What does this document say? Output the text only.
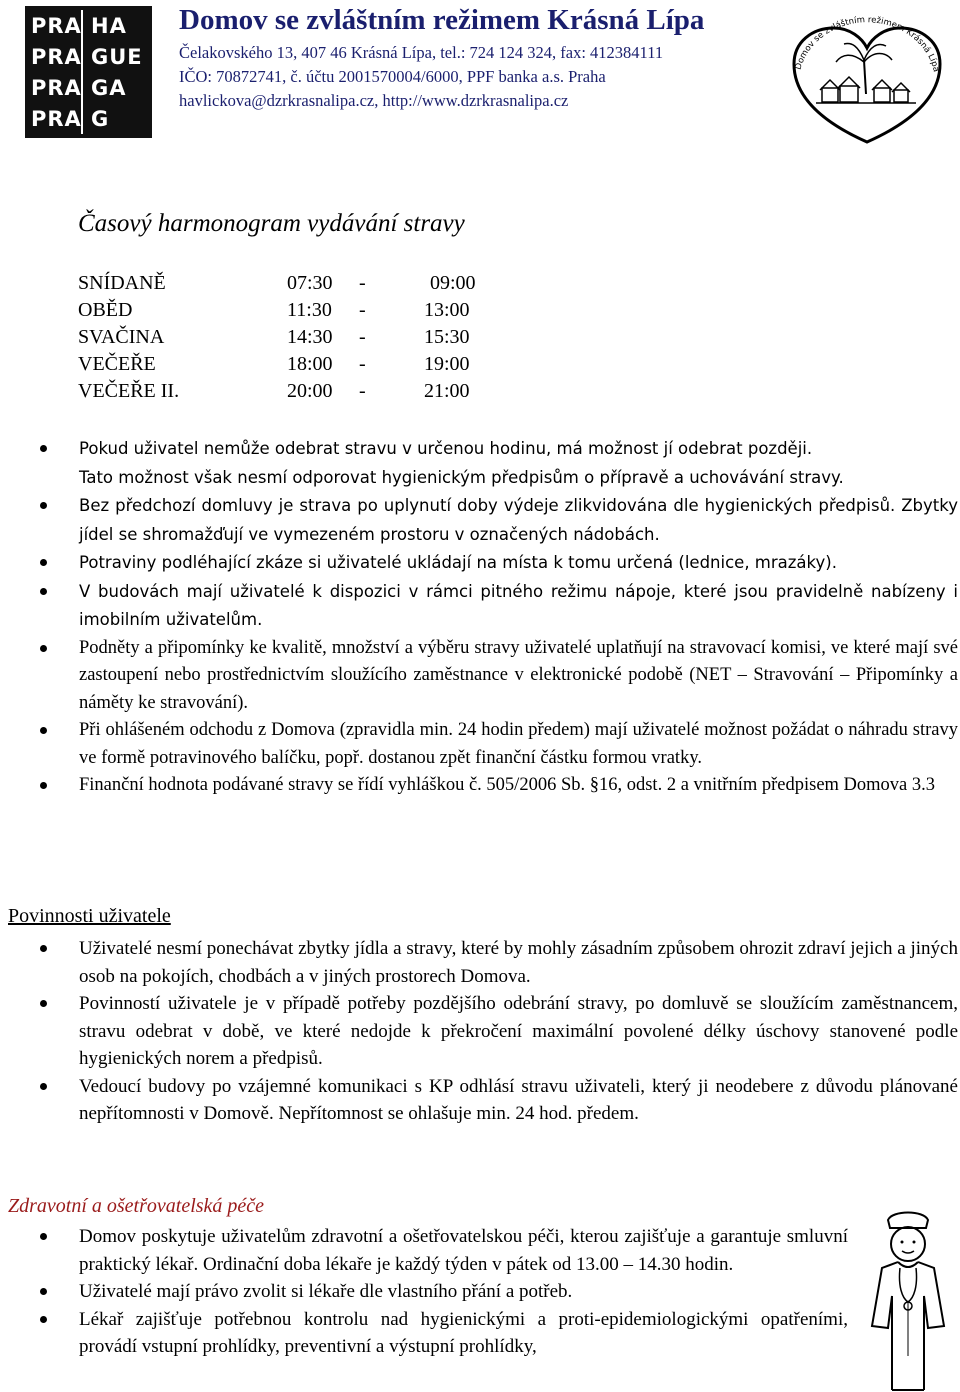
PRA HA
PRA GUE
PRA GA
PRA G
Domov se zvláštním režimem Krásná Lípa
Čelakovského 13, 407 46 Krásná Lípa, tel.: 724 124 324, fax: 412384111
IČO: 70872741, č. účtu 2001570004/6000, PPF banka a.s. Praha
havlickova@dzrkrasnalipa.cz, http://www.dzrkrasnalipa.cz
Domov se zvláštním režimem Krásná Lípa
Časový harmonogram vydávání stravy
SNÍDANĚ	07:30 -	09:00
OBĚD	11:30 -	13:00
SVAČINA	14:30 -	15:30
VEČEŘE	18:00 -	19:00
VEČEŘE II.	20:00 -	21:00
Pokud uživatel nemůže odebrat stravu v určenou hodinu, má možnost jí odebrat později.
Tato možnost však nesmí odporovat hygienickým předpisům o přípravě a uchovávání stravy.
Bez předchozí domluvy je strava po uplynutí doby výdeje zlikvidována dle hygienických předpisů. Zbytky jídel se shromažďují ve vymezeném prostoru v označených nádobách.
Potraviny podléhající zkáze si uživatelé ukládají na místa k tomu určená (lednice, mrazáky).
V budovách mají uživatelé k dispozici v rámci pitného režimu nápoje, které jsou pravidelně nabízeny i imobilním uživatelům.
Podněty a připomínky ke kvalitě, množství a výběru stravy uživatelé uplatňují na stravovací komisi, ve které mají své zastoupení nebo prostřednictvím sloužícího zaměstnance v elektronické podobě (NET – Stravování – Připomínky a náměty ke stravování).
Při ohlášeném odchodu z Domova (zpravidla min. 24 hodin předem) mají uživatelé možnost požádat o náhradu stravy ve formě potravinového balíčku, popř. dostanou zpět finanční částku formou vratky.
Finanční hodnota podávané stravy se řídí vyhláškou č. 505/2006 Sb. §16, odst. 2 a vnitřním předpisem Domova 3.3
Povinnosti uživatele
Uživatelé nesmí ponechávat zbytky jídla a stravy, které by mohly zásadním způsobem ohrozit zdraví jejich a jiných osob na pokojích, chodbách a v jiných prostorech Domova.
Povinností uživatele je v případě potřeby pozdějšího odebrání stravy, po domluvě se sloužícím zaměstnancem, stravu odebrat v době, ve které nedojde k překročení maximální povolené délky úschovy stanovené podle hygienických norem a předpisů.
Vedoucí budovy po vzájemné komunikaci s KP odhlásí stravu uživateli, který ji neodebere z důvodu plánované nepřítomnosti v Domově. Nepřítomnost se ohlašuje min. 24 hod. předem.
Zdravotní a ošetřovatelská péče
Domov poskytuje uživatelům zdravotní a ošetřovatelskou péči, kterou zajišťuje a garantuje smluvní praktický lékař. Ordinační doba lékaře je každý týden v pátek od 13.00 – 14.30 hodin.
Uživatelé mají právo zvolit si lékaře dle vlastního přání a potřeb.
Lékař zajišťuje potřebnou kontrolu nad hygienickými a proti-epidemiologickými opatřeními, provádí vstupní prohlídky, preventivní a výstupní prohlídky,
